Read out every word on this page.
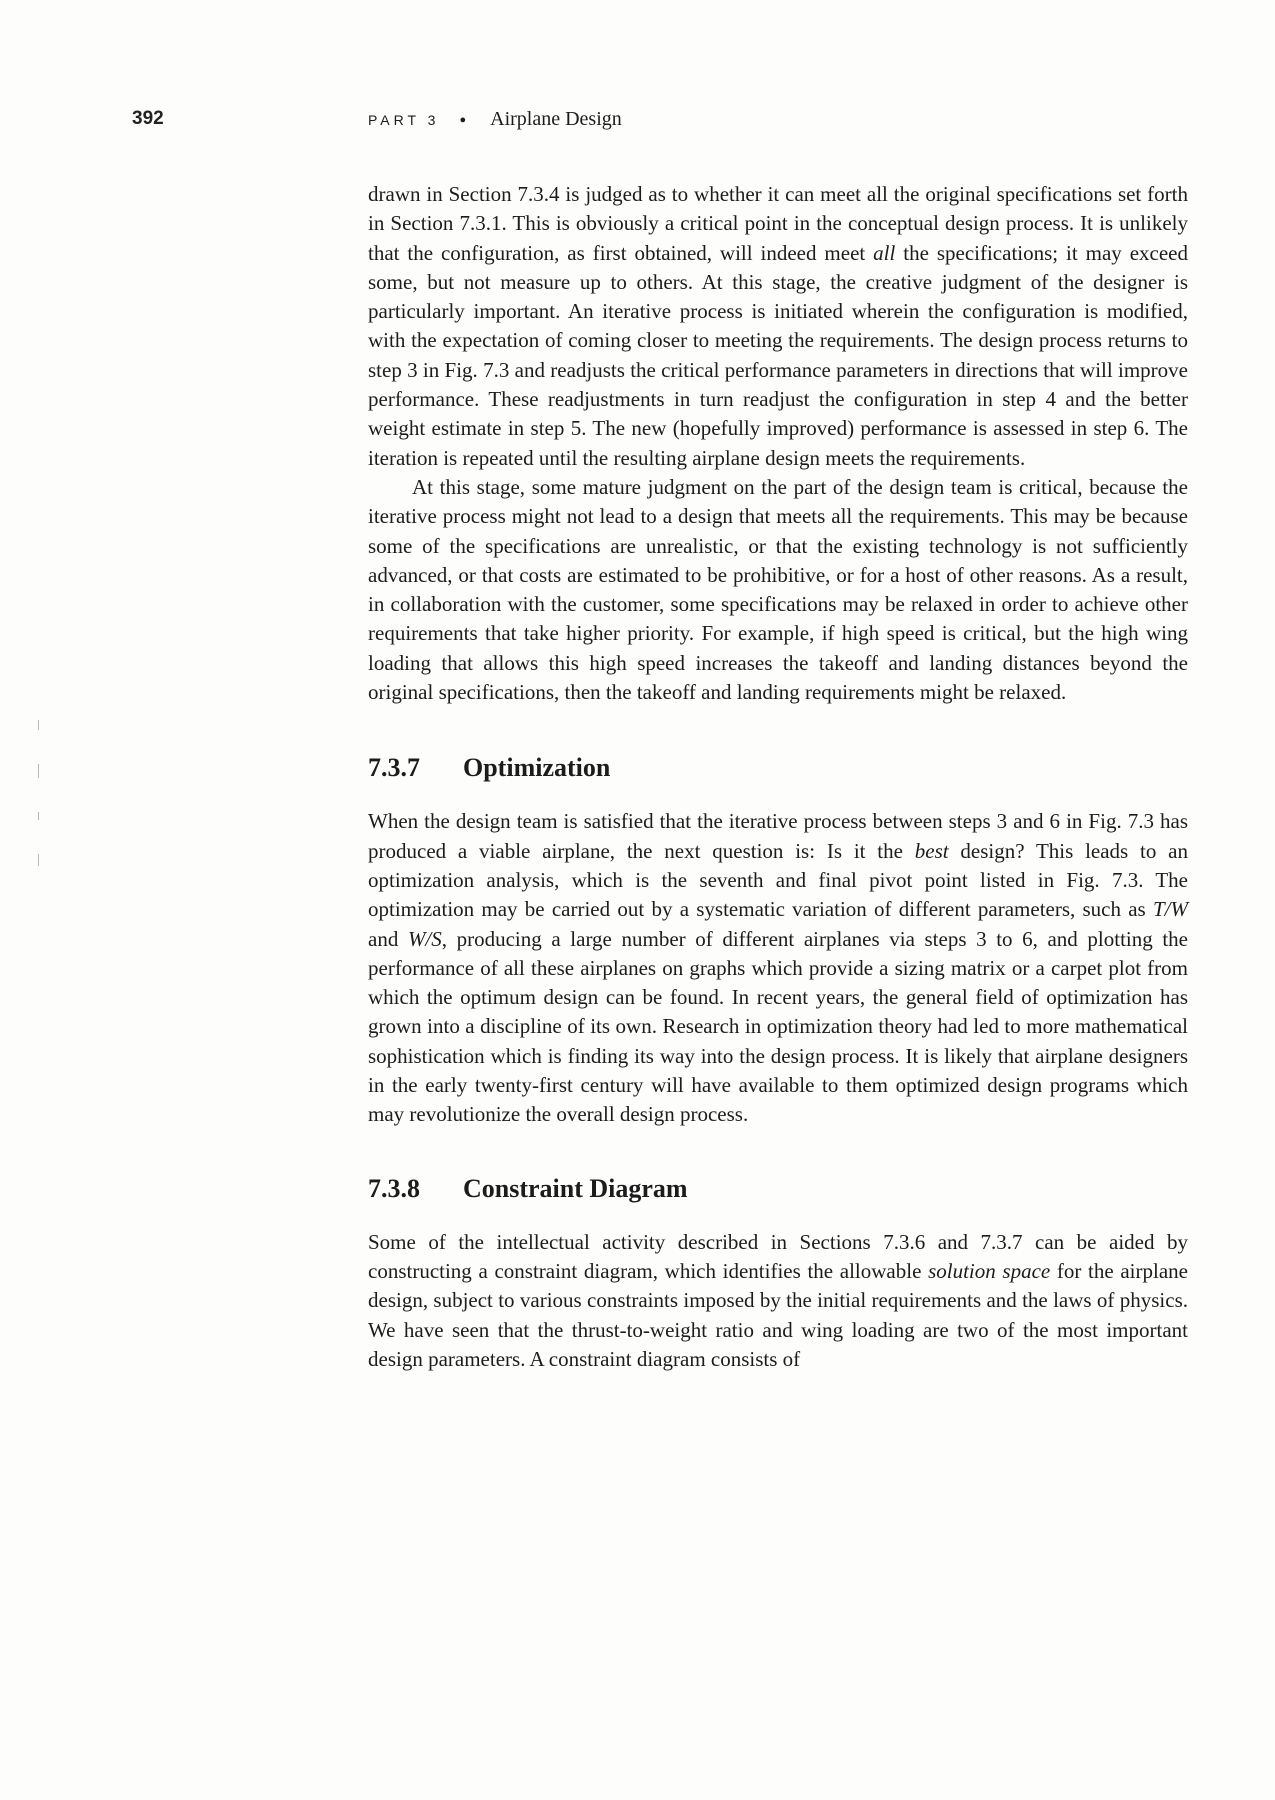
392	PART 3 ● Airplane Design

drawn in Section 7.3.4 is judged as to whether it can meet all the original specifications set forth in Section 7.3.1. This is obviously a critical point in the conceptual design process. It is unlikely that the configuration, as first obtained, will indeed meet all the specifications; it may exceed some, but not measure up to others. At this stage, the creative judgment of the designer is particularly important. An iterative process is initiated wherein the configuration is modified, with the expectation of coming closer to meeting the requirements. The design process returns to step 3 in Fig. 7.3 and readjusts the critical performance parameters in directions that will improve performance. These readjustments in turn readjust the configuration in step 4 and the better weight estimate in step 5. The new (hopefully improved) performance is assessed in step 6. The iteration is repeated until the resulting airplane design meets the requirements.

At this stage, some mature judgment on the part of the design team is critical, because the iterative process might not lead to a design that meets all the requirements. This may be because some of the specifications are unrealistic, or that the existing technology is not sufficiently advanced, or that costs are estimated to be prohibitive, or for a host of other reasons. As a result, in collaboration with the customer, some specifications may be relaxed in order to achieve other requirements that take higher priority. For example, if high speed is critical, but the high wing loading that allows this high speed increases the takeoff and landing distances beyond the original specifications, then the takeoff and landing requirements might be relaxed.

7.3.7	Optimization

When the design team is satisfied that the iterative process between steps 3 and 6 in Fig. 7.3 has produced a viable airplane, the next question is: Is it the best design? This leads to an optimization analysis, which is the seventh and final pivot point listed in Fig. 7.3. The optimization may be carried out by a systematic variation of different parameters, such as T/W and W/S, producing a large number of different airplanes via steps 3 to 6, and plotting the performance of all these airplanes on graphs which provide a sizing matrix or a carpet plot from which the optimum design can be found. In recent years, the general field of optimization has grown into a discipline of its own. Research in optimization theory had led to more mathematical sophistication which is finding its way into the design process. It is likely that airplane designers in the early twenty-first century will have available to them optimized design programs which may revolutionize the overall design process.

7.3.8	Constraint Diagram

Some of the intellectual activity described in Sections 7.3.6 and 7.3.7 can be aided by constructing a constraint diagram, which identifies the allowable solution space for the airplane design, subject to various constraints imposed by the initial requirements and the laws of physics. We have seen that the thrust-to-weight ratio and wing loading are two of the most important design parameters. A constraint diagram consists of
